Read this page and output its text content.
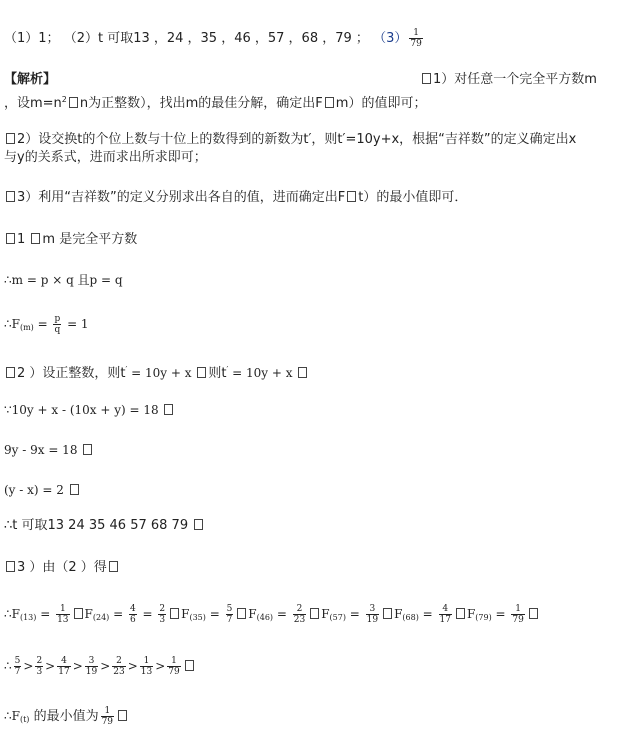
（1）1； （2）t 可取13 ，24 ，35 ，46 ，57 ，68 ，79 ； $(3) \frac{1}{79}$
【解析】	1）对任意一个完全平方数m
，设$m=n^2$ n为正整数），找出m的最佳分解，确定出F m）的值即可；
2）设交换t的个位上数与十位上的数得到的新数为t′，则t′=10y+x，根据“吉祥数”的定义确定出x
与y的关系式，进而求出所求即可；
3）利用“吉祥数”的定义分别求出各自的值，进而确定出F t）的最小值即可．
1 m 是完全平方数
∴m = p × q 且p = q
$\therefore F_{(m)} = \frac{p}{q} = 1$
2 ）设正整数，则t′ = 10y + x 则t′ = 10y + x
∵10y + x - (10x + y) = 18
9y - 9x = 18
(y - x) = 2
∴t 可取13 24 35 46 57 68 79
3 ）由（2 ）得
$\therefore F_{(13)} = \frac{1}{13} F_{(24)} = \frac{4}{6} = \frac{2}{3} F_{(35)} = \frac{5}{7} F_{(46)} = \frac{2}{23} F_{(57)} = \frac{3}{19} F_{(68)} = \frac{4}{17} F_{(79)} = \frac{1}{79}$
∴ $\frac{5}{7} > \frac{2}{3} > \frac{4}{17} > \frac{3}{19} > \frac{2}{23} > \frac{1}{13} > \frac{1}{79}$
$\therefore F_{(t)}$ 的最小值为 $\frac{1}{79}$
